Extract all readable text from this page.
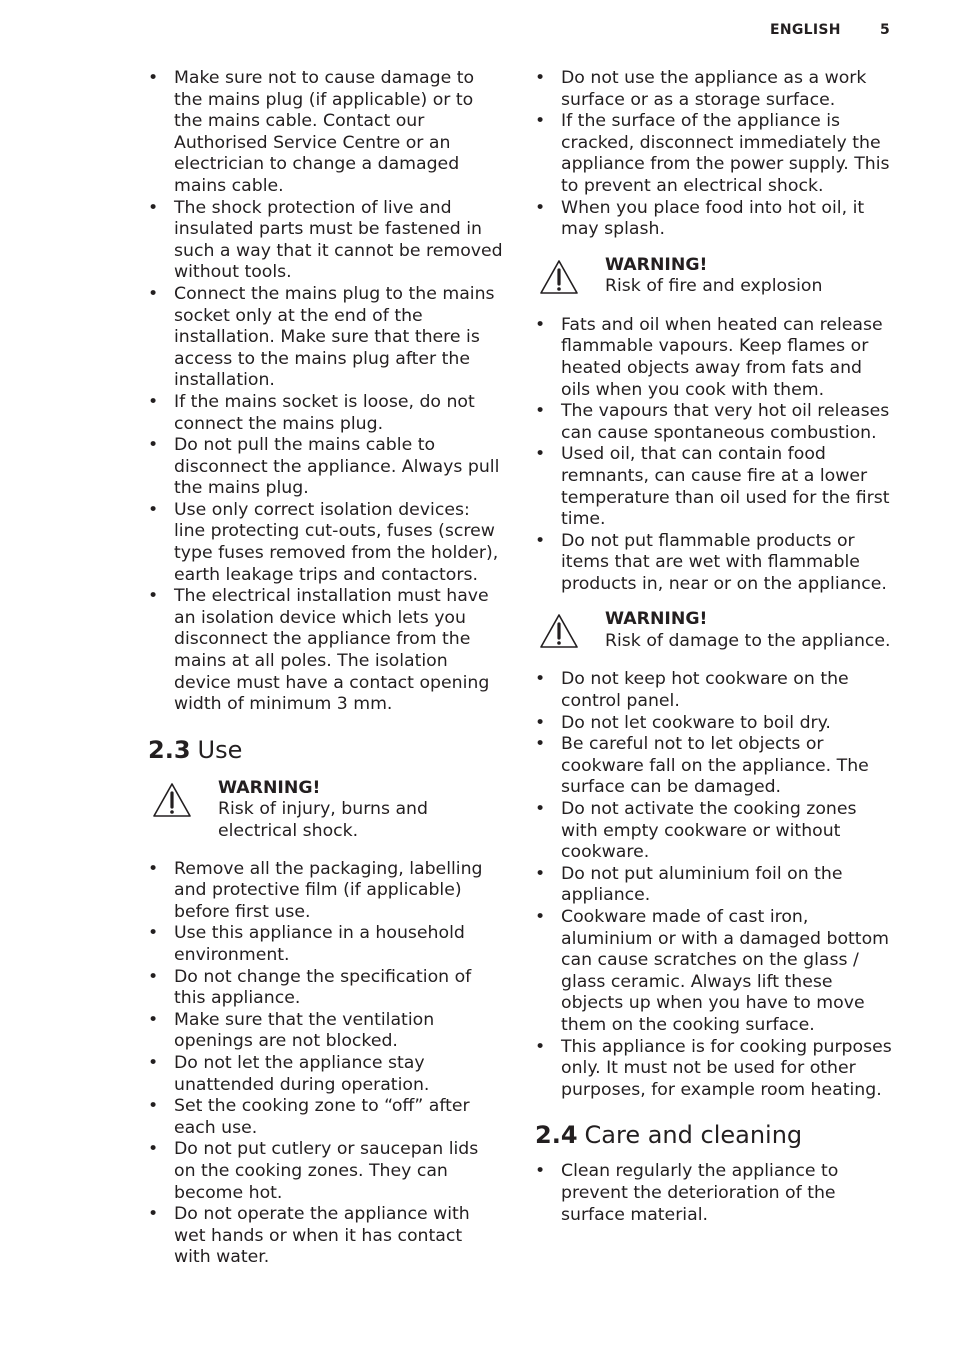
ENGLISH	5
• Make sure not to cause damage to the mains plug (if applicable) or to the mains cable. Contact our Authorised Service Centre or an electrician to change a damaged mains cable.
• The shock protection of live and insulated parts must be fastened in such a way that it cannot be removed without tools.
• Connect the mains plug to the mains socket only at the end of the installation. Make sure that there is access to the mains plug after the installation.
• If the mains socket is loose, do not connect the mains plug.
• Do not pull the mains cable to disconnect the appliance. Always pull the mains plug.
• Use only correct isolation devices: line protecting cut-outs, fuses (screw type fuses removed from the holder), earth leakage trips and contactors.
• The electrical installation must have an isolation device which lets you disconnect the appliance from the mains at all poles. The isolation device must have a contact opening width of minimum 3 mm.
2.3 Use
WARNING!
Risk of injury, burns and electrical shock.
• Remove all the packaging, labelling and protective film (if applicable) before first use.
• Use this appliance in a household environment.
• Do not change the specification of this appliance.
• Make sure that the ventilation openings are not blocked.
• Do not let the appliance stay unattended during operation.
• Set the cooking zone to “off” after each use.
• Do not put cutlery or saucepan lids on the cooking zones. They can become hot.
• Do not operate the appliance with wet hands or when it has contact with water.
• Do not use the appliance as a work surface or as a storage surface.
• If the surface of the appliance is cracked, disconnect immediately the appliance from the power supply. This to prevent an electrical shock.
• When you place food into hot oil, it may splash.
WARNING!
Risk of fire and explosion
• Fats and oil when heated can release flammable vapours. Keep flames or heated objects away from fats and oils when you cook with them.
• The vapours that very hot oil releases can cause spontaneous combustion.
• Used oil, that can contain food remnants, can cause fire at a lower temperature than oil used for the first time.
• Do not put flammable products or items that are wet with flammable products in, near or on the appliance.
WARNING!
Risk of damage to the appliance.
• Do not keep hot cookware on the control panel.
• Do not let cookware to boil dry.
• Be careful not to let objects or cookware fall on the appliance. The surface can be damaged.
• Do not activate the cooking zones with empty cookware or without cookware.
• Do not put aluminium foil on the appliance.
• Cookware made of cast iron, aluminium or with a damaged bottom can cause scratches on the glass / glass ceramic. Always lift these objects up when you have to move them on the cooking surface.
• This appliance is for cooking purposes only. It must not be used for other purposes, for example room heating.
2.4 Care and cleaning
• Clean regularly the appliance to prevent the deterioration of the surface material.
